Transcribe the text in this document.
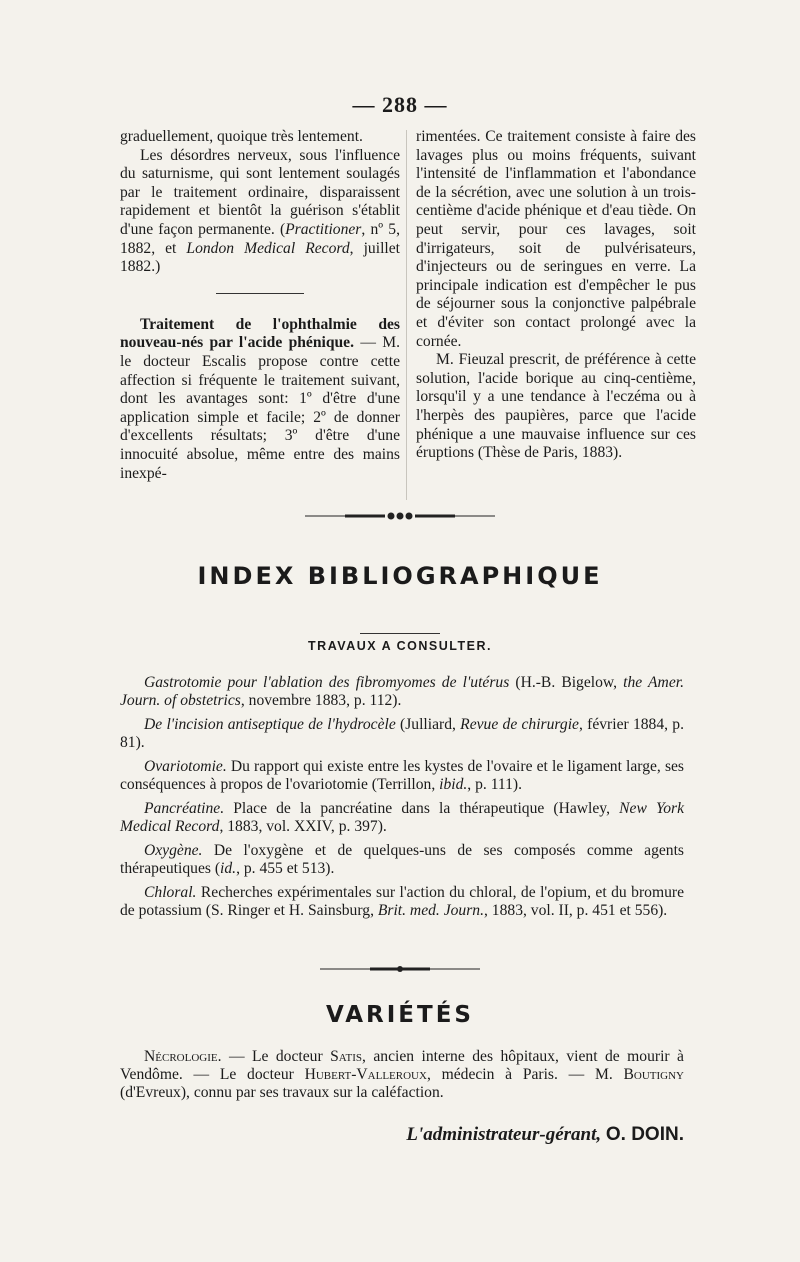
— 288 —

graduellement, quoique très lentement.

Les désordres nerveux, sous l'influence du saturnisme, qui sont lentement soulagés par le traitement ordinaire, disparaissent rapidement et bientôt la guérison s'établit d'une façon permanente. (Practitioner, nº 5, 1882, et London Medical Record, juillet 1882.)

Traitement de l'ophthalmie des nouveau-nés par l'acide phénique. — M. le docteur Escalis propose contre cette affection si fréquente le traitement suivant, dont les avantages sont: 1º d'être d'une application simple et facile; 2º de donner d'excellents résultats; 3º d'être d'une innocuité absolue, même entre des mains inexpé-

rimentées. Ce traitement consiste à faire des lavages plus ou moins fréquents, suivant l'intensité de l'inflammation et l'abondance de la sécrétion, avec une solution à un trois-centième d'acide phénique et d'eau tiède. On peut servir, pour ces lavages, soit d'irrigateurs, soit de pulvérisateurs, d'injecteurs ou de seringues en verre. La principale indication est d'empêcher le pus de séjourner sous la conjonctive palpébrale et d'éviter son contact prolongé avec la cornée.

M. Fieuzal prescrit, de préférence à cette solution, l'acide borique au cinq-centième, lorsqu'il y a une tendance à l'eczéma ou à l'herpès des paupières, parce que l'acide phénique a une mauvaise influence sur ces éruptions (Thèse de Paris, 1883).

INDEX BIBLIOGRAPHIQUE
TRAVAUX A CONSULTER.

Gastrotomie pour l'ablation des fibromyomes de l'utérus (H.-B. Bigelow, the Amer. Journ. of obstetrics, novembre 1883, p. 112).

De l'incision antiseptique de l'hydrocèle (Julliard, Revue de chirurgie, février 1884, p. 81).

Ovariotomie. Du rapport qui existe entre les kystes de l'ovaire et le ligament large, ses conséquences à propos de l'ovariotomie (Terrillon, ibid., p. 111).

Pancréatine. Place de la pancréatine dans la thérapeutique (Hawley, New York Medical Record, 1883, vol. XXIV, p. 397).

Oxygène. De l'oxygène et de quelques-uns de ses composés comme agents thérapeutiques (id., p. 455 et 513).

Chloral. Recherches expérimentales sur l'action du chloral, de l'opium, et du bromure de potassium (S. Ringer et H. Sainsburg, Brit. med. Journ., 1883, vol. II, p. 451 et 556).

VARIÉTÉS

Nécrologie. — Le docteur Satis, ancien interne des hôpitaux, vient de mourir à Vendôme. — Le docteur Hubert-Valleroux, médecin à Paris. — M. Boutigny (d'Evreux), connu par ses travaux sur la caléfaction.

L'administrateur-gérant, O. DOIN.
